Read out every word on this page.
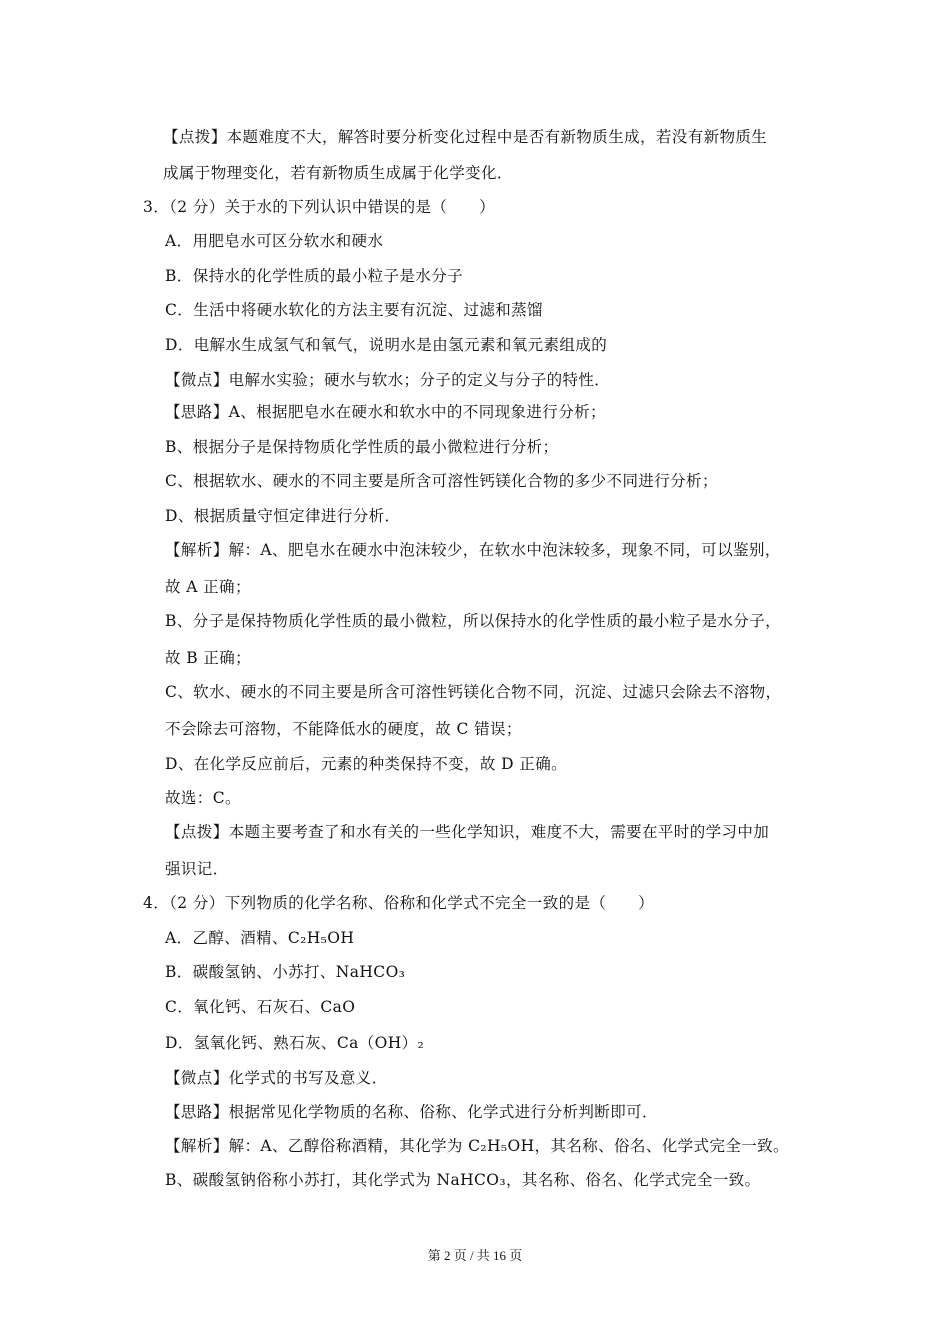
【点拨】本题难度不大，解答时要分析变化过程中是否有新物质生成，若没有新物质生
成属于物理变化，若有新物质生成属于化学变化．
3．（2 分）关于水的下列认识中错误的是（　　）
A．用肥皂水可区分软水和硬水
B．保持水的化学性质的最小粒子是水分子
C．生活中将硬水软化的方法主要有沉淀、过滤和蒸馏
D．电解水生成氢气和氧气，说明水是由氢元素和氧元素组成的
【微点】电解水实验；硬水与软水；分子的定义与分子的特性．
【思路】A、根据肥皂水在硬水和软水中的不同现象进行分析；
B、根据分子是保持物质化学性质的最小微粒进行分析；
C、根据软水、硬水的不同主要是所含可溶性钙镁化合物的多少不同进行分析；
D、根据质量守恒定律进行分析．
【解析】解：A、肥皂水在硬水中泡沫较少，在软水中泡沫较多，现象不同，可以鉴别，
故 A 正确；
B、分子是保持物质化学性质的最小微粒，所以保持水的化学性质的最小粒子是水分子，
故 B 正确；
C、软水、硬水的不同主要是所含可溶性钙镁化合物不同，沉淀、过滤只会除去不溶物，
不会除去可溶物，不能降低水的硬度，故 C 错误；
D、在化学反应前后，元素的种类保持不变，故 D 正确。
故选：C。
【点拨】本题主要考查了和水有关的一些化学知识，难度不大，需要在平时的学习中加
强识记．
4．（2 分）下列物质的化学名称、俗称和化学式不完全一致的是（　　）
A．乙醇、酒精、C₂H₅OH
B．碳酸氢钠、小苏打、NaHCO₃
C．氧化钙、石灰石、CaO
D．氢氧化钙、熟石灰、Ca（OH）₂
【微点】化学式的书写及意义．
【思路】根据常见化学物质的名称、俗称、化学式进行分析判断即可．
【解析】解：A、乙醇俗称酒精，其化学为 C₂H₅OH，其名称、俗名、化学式完全一致。
B、碳酸氢钠俗称小苏打，其化学式为 NaHCO₃，其名称、俗名、化学式完全一致。
第 2 页 / 共 16 页
